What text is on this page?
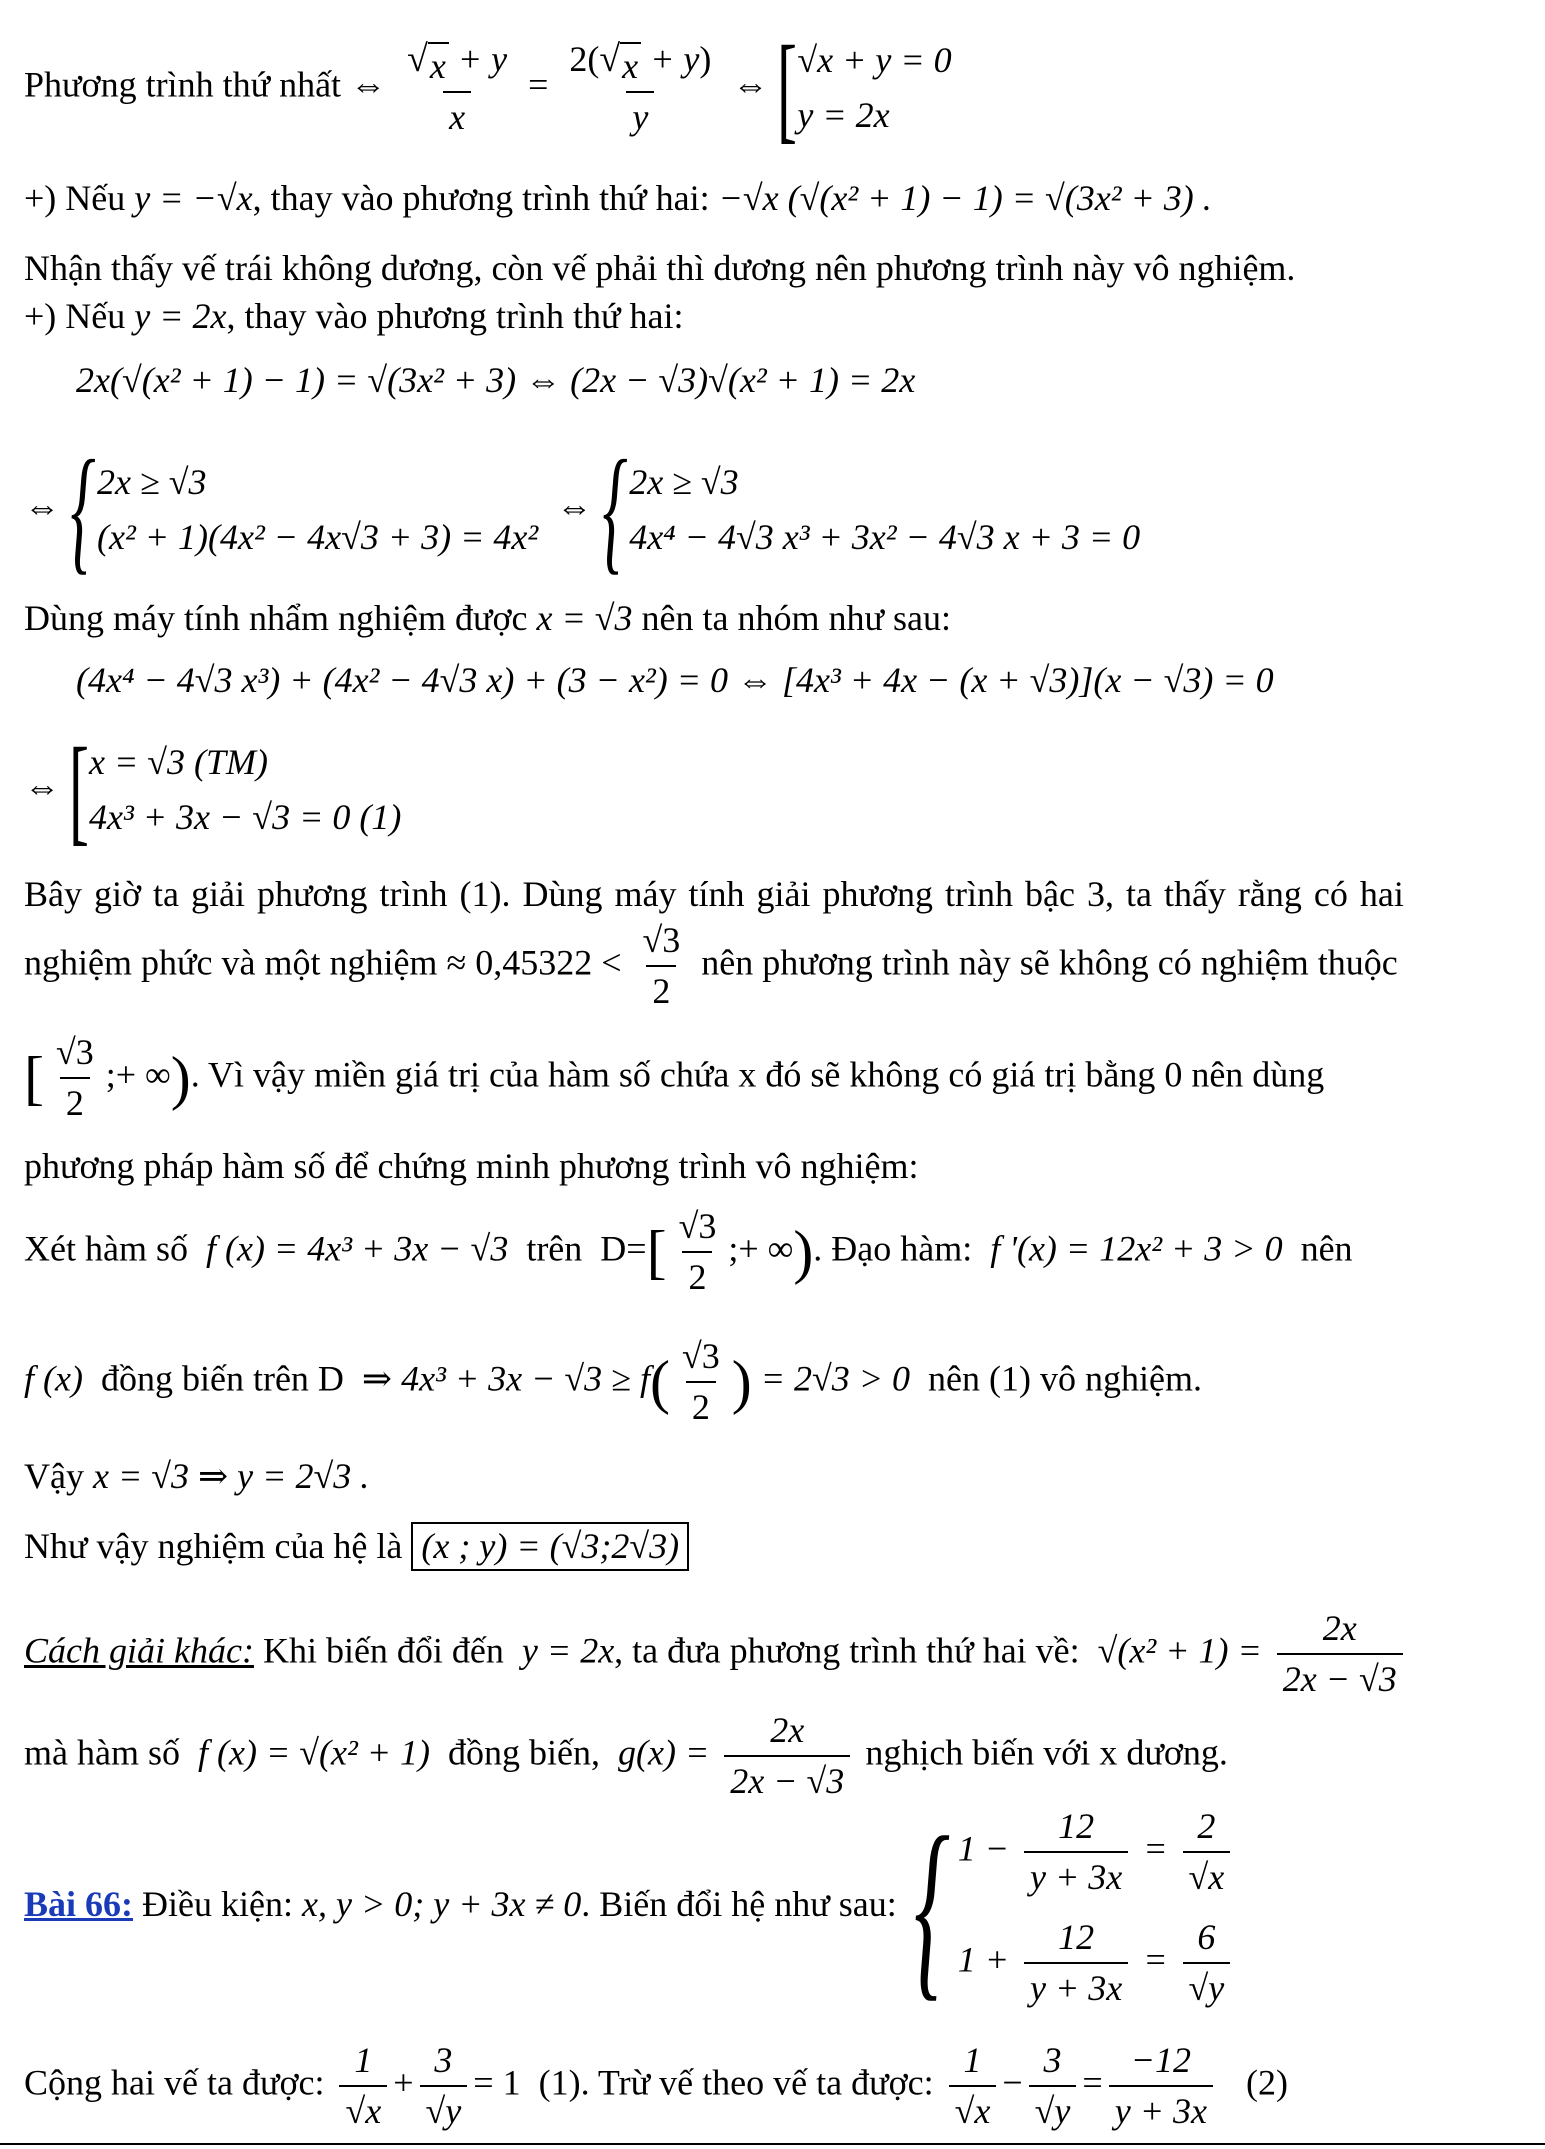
Phương trình thứ nhất ⇔ $\frac{√ x + y}{x} = \frac{2( √ x + y)}{y}$ ⇔ [ √x + y = 0
y = 2x
+) Nếu y = −√x, thay vào phương trình thứ hai: −√x (√(x² + 1) − 1) = √(3x² + 3) .
Nhận thấy vế trái không dương, còn vế phải thì dương nên phương trình này vô nghiệm.
+) Nếu y = 2x, thay vào phương trình thứ hai:
2x(√(x² + 1) − 1) = √(3x² + 3) ⇔ (2x − √3)√(x² + 1) = 2x
⇔ { 2x ≥ √3
(x² + 1)(4x² − 4x√3 + 3) = 4x²
⇔ { 2x ≥ √3
4x⁴ − 4√3 x³ + 3x² − 4√3 x + 3 = 0
Dùng máy tính nhẩm nghiệm được x = √3 nên ta nhóm như sau:
(4x⁴ − 4√3 x³) + (4x² − 4√3 x) + (3 − x²) = 0 ⇔ [4x³ + 4x − (x + √3)](x − √3) = 0
⇔ [ x = √3 (TM)
4x³ + 3x − √3 = 0 (1)
Bây giờ ta giải phương trình (1). Dùng máy tính giải phương trình bậc 3, ta thấy rằng có hai
nghiệm phức và một nghiệm ≈ $0,45322 < \frac{√3}{2}$ nên phương trình này sẽ không có nghiệm thuộc
[ $\frac{√3}{2}$ ;+ ∞). Vì vậy miền giá trị của hàm số chứa x đó sẽ không có giá trị bằng 0 nên dùng
phương pháp hàm số để chứng minh phương trình vô nghiệm:
Xét hàm số  f (x) = 4x³ + 3x − √3  trên  $D=[ \frac{√3}{2}$ ;+ ∞). Đạo hàm:  f '(x) = 12x² + 3 > 0  nên
f (x)  đồng biến trên D  ⇒ $4x^3 + 3x - √3 \ge f( \frac{√3}{2}$ ) = 2√3 > 0  nên (1) vô nghiệm.
Vậy x = √3 ⇒ y = 2√3 .
Như vậy nghiệm của hệ là (x ; y) = (√3;2√3)
Cách giải khác: Khi biến đổi đến  y = 2x, ta đưa phương trình thứ hai về:  $√(x^2 + 1) = \frac{2x}{2x - √3}$
mà hàm số  f (x) = √(x² + 1)  đồng biến,  $g(x) = \frac{2x}{2x - √3}$ nghịch biến với x dương.
Bài 66: Điều kiện: x, y > 0; y + 3x ≠ 0. Biến đổi hệ như sau: { $1 - \frac{12}{y + 3x} = \frac{2}{√x}$
$1 + \frac{12}{y + 3x} = \frac{6}{√y}$
Cộng hai vế ta được: $\frac{1}{√x} + \frac{3}{√y} = 1$  (1). Trừ vế theo vế ta được: $\frac{1}{√x} - \frac{3}{√y} = \frac{-12}{y + 3x} (2)$
